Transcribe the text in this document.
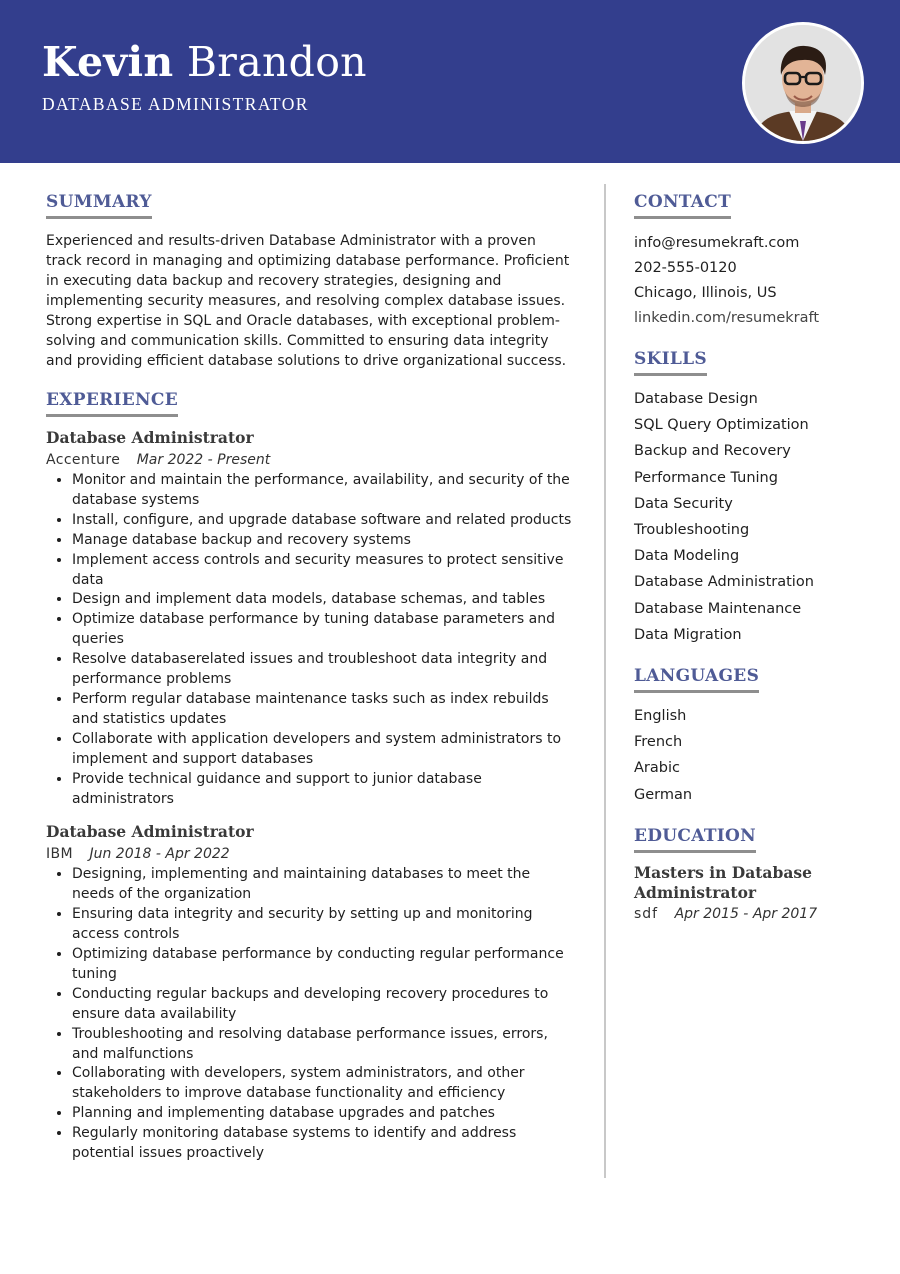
Kevin Brandon
DATABASE ADMINISTRATOR
SUMMARY
Experienced and results-driven Database Administrator with a proven track record in managing and optimizing database performance. Proficient in executing data backup and recovery strategies, designing and implementing security measures, and resolving complex database issues. Strong expertise in SQL and Oracle databases, with exceptional problem-solving and communication skills. Committed to ensuring data integrity and providing efficient database solutions to drive organizational success.
EXPERIENCE
Database Administrator
Accenture Mar 2022 - Present
• Monitor and maintain the performance, availability, and security of the database systems
• Install, configure, and upgrade database software and related products
• Manage database backup and recovery systems
• Implement access controls and security measures to protect sensitive data
• Design and implement data models, database schemas, and tables
• Optimize database performance by tuning database parameters and queries
• Resolve databaserelated issues and troubleshoot data integrity and performance problems
• Perform regular database maintenance tasks such as index rebuilds and statistics updates
• Collaborate with application developers and system administrators to implement and support databases
• Provide technical guidance and support to junior database administrators
Database Administrator
IBM Jun 2018 - Apr 2022
• Designing, implementing and maintaining databases to meet the needs of the organization
• Ensuring data integrity and security by setting up and monitoring access controls
• Optimizing database performance by conducting regular performance tuning
• Conducting regular backups and developing recovery procedures to ensure data availability
• Troubleshooting and resolving database performance issues, errors, and malfunctions
• Collaborating with developers, system administrators, and other stakeholders to improve database functionality and efficiency
• Planning and implementing database upgrades and patches
• Regularly monitoring database systems to identify and address potential issues proactively
CONTACT
info@resumekraft.com
202-555-0120
Chicago, Illinois, US
linkedin.com/resumekraft
SKILLS
Database Design
SQL Query Optimization
Backup and Recovery
Performance Tuning
Data Security
Troubleshooting
Data Modeling
Database Administration
Database Maintenance
Data Migration
LANGUAGES
English
French
Arabic
German
EDUCATION
Masters in Database Administrator
sdf Apr 2015 - Apr 2017
